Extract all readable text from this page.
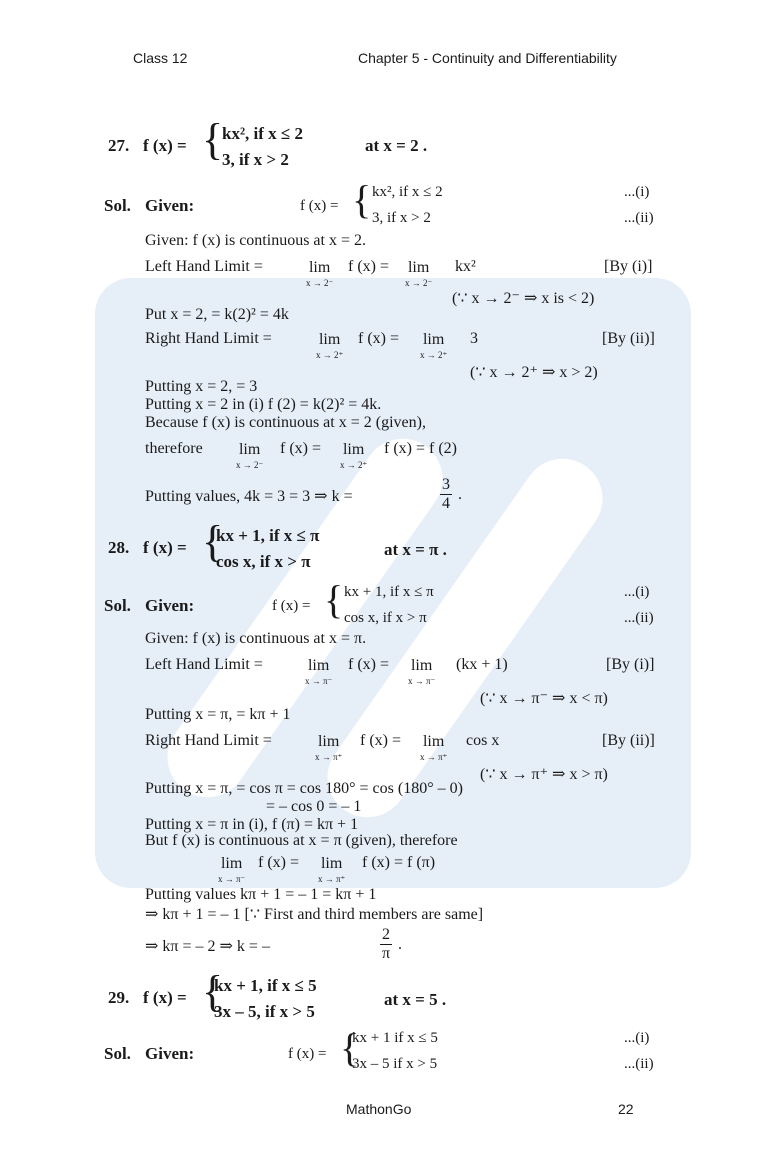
Class 12	Chapter 5 - Continuity and Differentiability
27. f (x) = {
kx², if x ≤ 2
3, if x > 2
at x = 2 .
Sol. Given:	f (x) = { kx², if x ≤ 2
3, if x > 2
...(i)
...(ii)
Given: f (x) is continuous at x = 2.
Left Hand Limit =	lim
x → 2⁻
f (x) = lim
x → 2⁻
kx²	[By (i)]
(∵ x → 2⁻ ⇒ x is < 2)
Put x = 2, = k(2)² = 4k
Right Hand Limit =	lim
x → 2⁺
f (x) = lim
x → 2⁺
3	[By (ii)]
(∵ x → 2⁺ ⇒ x > 2)
Putting x = 2, = 3
Putting x = 2 in (i) f (2) = k(2)² = 4k.
Because f (x) is continuous at x = 2 (given),
therefore lim
x → 2⁻
f (x) = lim
x → 2⁺
f (x) = f (2)
Putting values, 4k = 3 = 3 ⇒ k =	$\frac{3}{4}$ .
28. f (x) = {
kx + 1, if x ≤ π
cos x, if x > π
at x = π .
Sol. Given:	f (x) = { kx + 1, if x ≤ π
cos x, if x > π
...(i)
...(ii)
Given: f (x) is continuous at x = π.
Left Hand Limit =	lim
x → π⁻
f (x) = lim
x → π⁻
(kx + 1)	[By (i)]
(∵ x → π⁻ ⇒ x < π)
Putting x = π, = kπ + 1
Right Hand Limit =	lim
x → π⁺
f (x) = lim
x → π⁺
cos x	[By (ii)]
(∵ x → π⁺ ⇒ x > π)
Putting x = π, = cos π = cos 180° = cos (180° – 0)
= – cos 0 = – 1
Putting x = π in (i), f (π) = kπ + 1
But f (x) is continuous at x = π (given), therefore
lim
x → π⁻
f (x) = lim
x → π⁺
f (x) = f (π)
Putting values kπ + 1 = – 1 = kπ + 1
⇒ kπ + 1 = – 1 [∵ First and third members are same]
⇒ kπ = – 2 ⇒ k = –	$\frac{2}{\pi}$ .
29. f (x) = {
kx + 1, if x ≤ 5
3x – 5, if x > 5
at x = 5 .
Sol. Given:	f (x) = {
kx + 1 if x ≤ 5
3x – 5 if x > 5
...(i)
...(ii)
MathonGo	22
